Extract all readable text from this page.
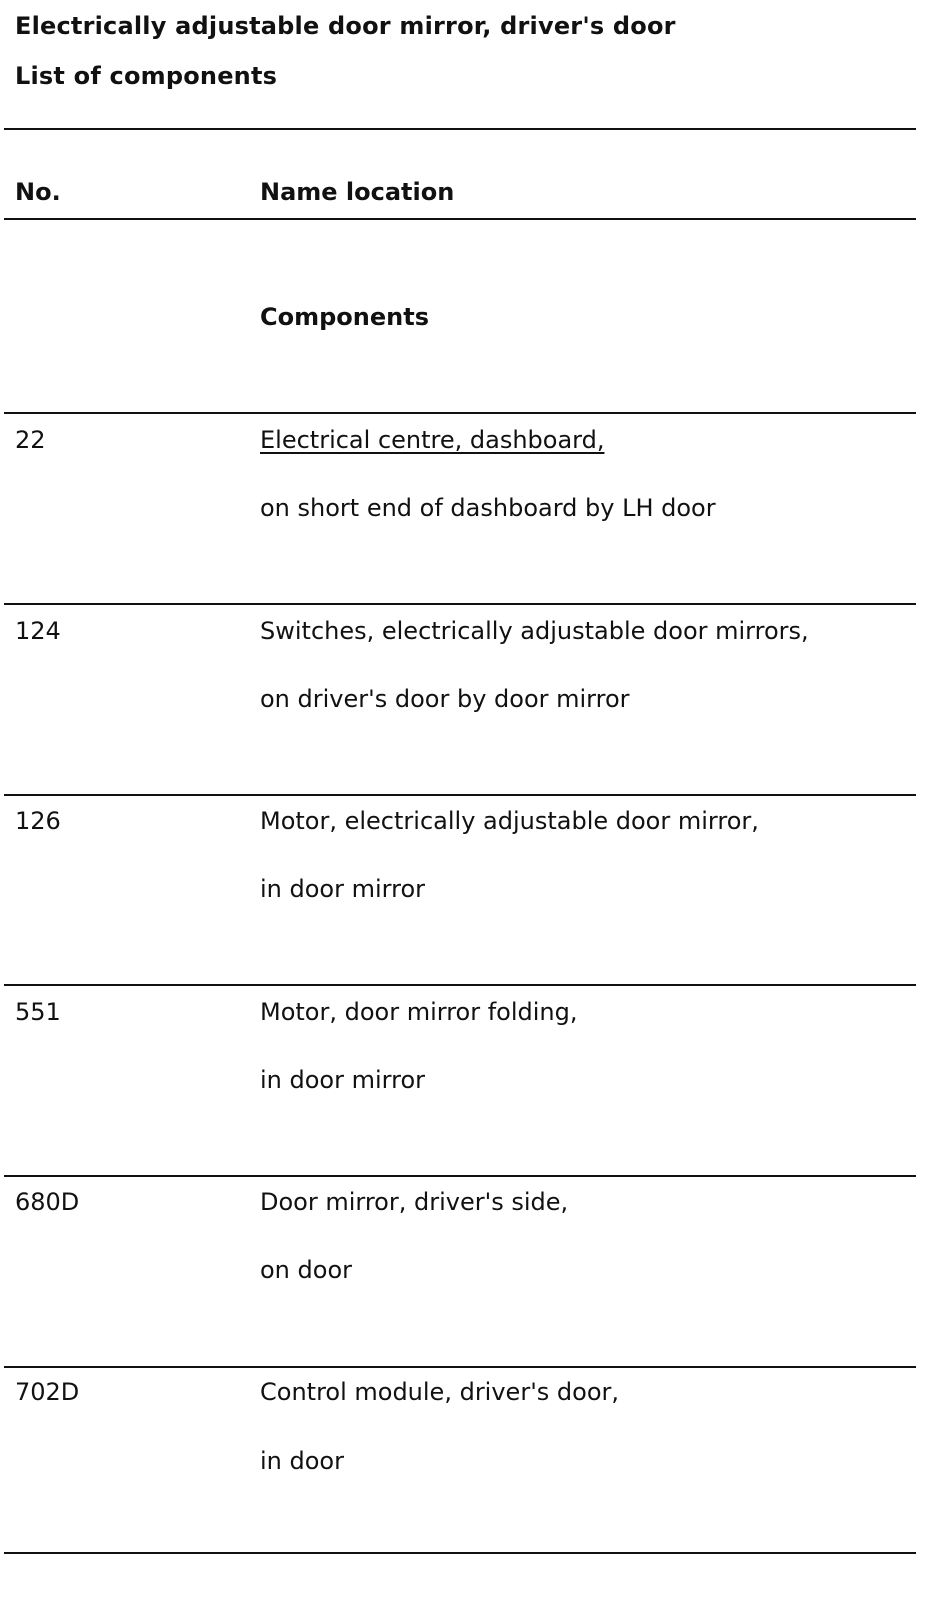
Electrically adjustable door mirror, driver's door
List of components
No.	Name location
Components
22	Electrical centre, dashboard,
on short end of dashboard by LH door
124	Switches, electrically adjustable door mirrors,
on driver's door by door mirror
126	Motor, electrically adjustable door mirror,
in door mirror
551	Motor, door mirror folding,
in door mirror
680D	Door mirror, driver's side,
on door
702D	Control module, driver's door,
in door
